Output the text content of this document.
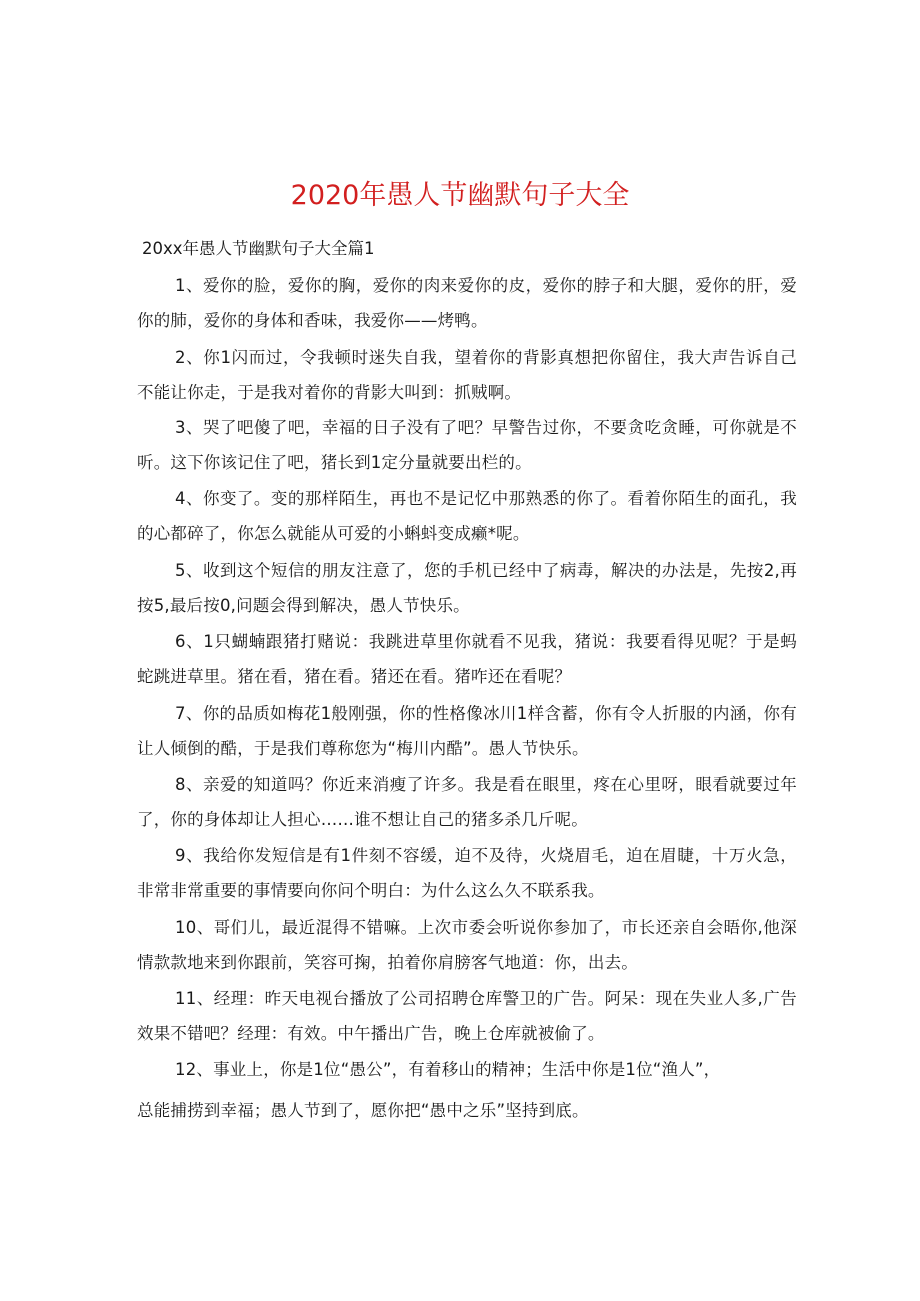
2020年愚人节幽默句子大全
20xx年愚人节幽默句子大全篇1

1、爱你的脸，爱你的胸，爱你的肉来爱你的皮，爱你的脖子和大腿，爱你的肝，爱你的肺，爱你的身体和香味，我爱你——烤鸭。

2、你1闪而过，令我顿时迷失自我，望着你的背影真想把你留住，我大声告诉自己不能让你走，于是我对着你的背影大叫到：抓贼啊。

3、哭了吧傻了吧，幸福的日子没有了吧？早警告过你，不要贪吃贪睡，可你就是不听。这下你该记住了吧，猪长到1定分量就要出栏的。

4、你变了。变的那样陌生，再也不是记忆中那熟悉的你了。看着你陌生的面孔，我的心都碎了，你怎么就能从可爱的小蝌蚪变成癞*呢。

5、收到这个短信的朋友注意了，您的手机已经中了病毒，解决的办法是，先按2,再按5,最后按0,问题会得到解决，愚人节快乐。

6、1只蝴蝻跟猪打赌说：我跳进草里你就看不见我，猪说：我要看得见呢？于是蚂蛇跳进草里。猪在看，猪在看。猪还在看。猪咋还在看呢？

7、你的品质如梅花1般刚强，你的性格像冰川1样含蓄，你有令人折服的内涵，你有让人倾倒的酷，于是我们尊称您为“梅川内酷”。愚人节快乐。

8、亲爱的知道吗？你近来消瘦了许多。我是看在眼里，疼在心里呀，眼看就要过年了，你的身体却让人担心……谁不想让自己的猪多杀几斤呢。

9、我给你发短信是有1件刻不容缓，迫不及待，火烧眉毛，迫在眉睫，十万火急，非常非常重要的事情要向你问个明白：为什么这么久不联系我。

10、哥们儿，最近混得不错嘛。上次市委会听说你参加了，市长还亲自会晤你,他深情款款地来到你跟前，笑容可掬，拍着你肩膀客气地道：你，出去。

11、经理：昨天电视台播放了公司招聘仓库警卫的广告。阿呆：现在失业人多,广告效果不错吧？经理：有效。中午播出广告，晚上仓库就被偷了。

12、事业上，你是1位“愚公”，有着移山的精神；生活中你是1位“渔人”，
总能捕捞到幸福；愚人节到了，愿你把“愚中之乐”坚持到底。
